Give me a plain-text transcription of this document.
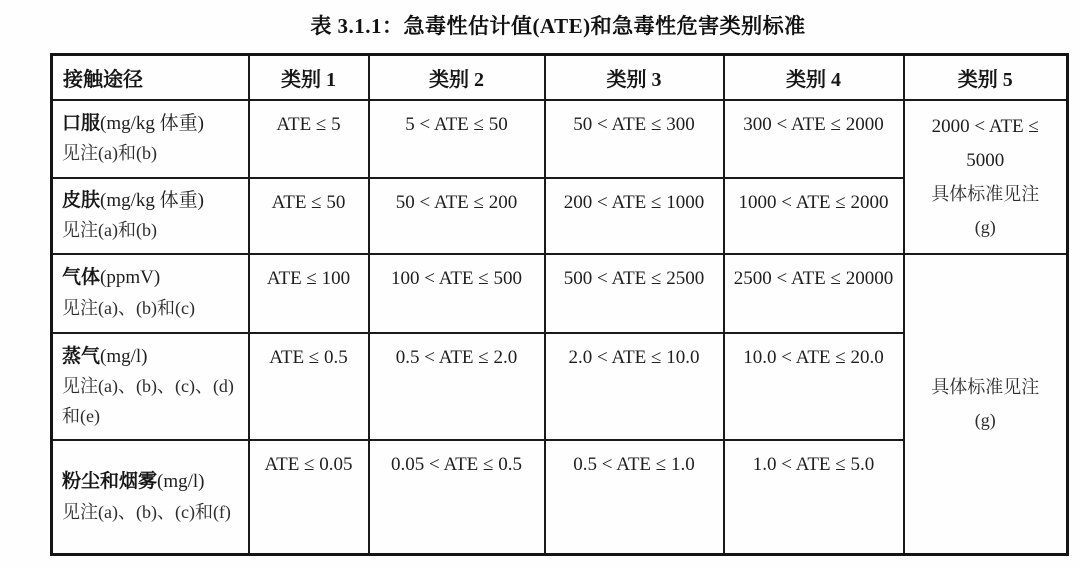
表 3.1.1：急毒性估计值(ATE)和急毒性危害类别标准
接触途径	类别 1	类别 2	类别 3	类别 4	类别 5

口服(mg/kg 体重)
见注(a)和(b)
	ATE ≤ 5	5 < ATE ≤ 50	50 < ATE ≤ 300	300 < ATE ≤ 2000	2000 < ATE ≤ 5000
具体标准见注(g)

皮肤(mg/kg 体重)
见注(a)和(b)	ATE ≤ 50	50 < ATE ≤ 200	200 < ATE ≤ 1000	1000 < ATE ≤ 2000	

气体(ppmV)
见注(a)、(b)和(c)	ATE ≤ 100	100 < ATE ≤ 500	500 < ATE ≤ 2500	2500 < ATE ≤ 20000	具体标准见注(g)

蒸气(mg/l)
见注(a)、(b)、(c)、(d)和(e)	ATE ≤ 0.5	0.5 < ATE ≤ 2.0	2.0 < ATE ≤ 10.0	10.0 < ATE ≤ 20.0	

粉尘和烟雾(mg/l)
见注(a)、(b)、(c)和(f)	ATE ≤ 0.05	0.05 < ATE ≤ 0.5	0.5 < ATE ≤ 1.0	1.0 < ATE ≤ 5.0	
